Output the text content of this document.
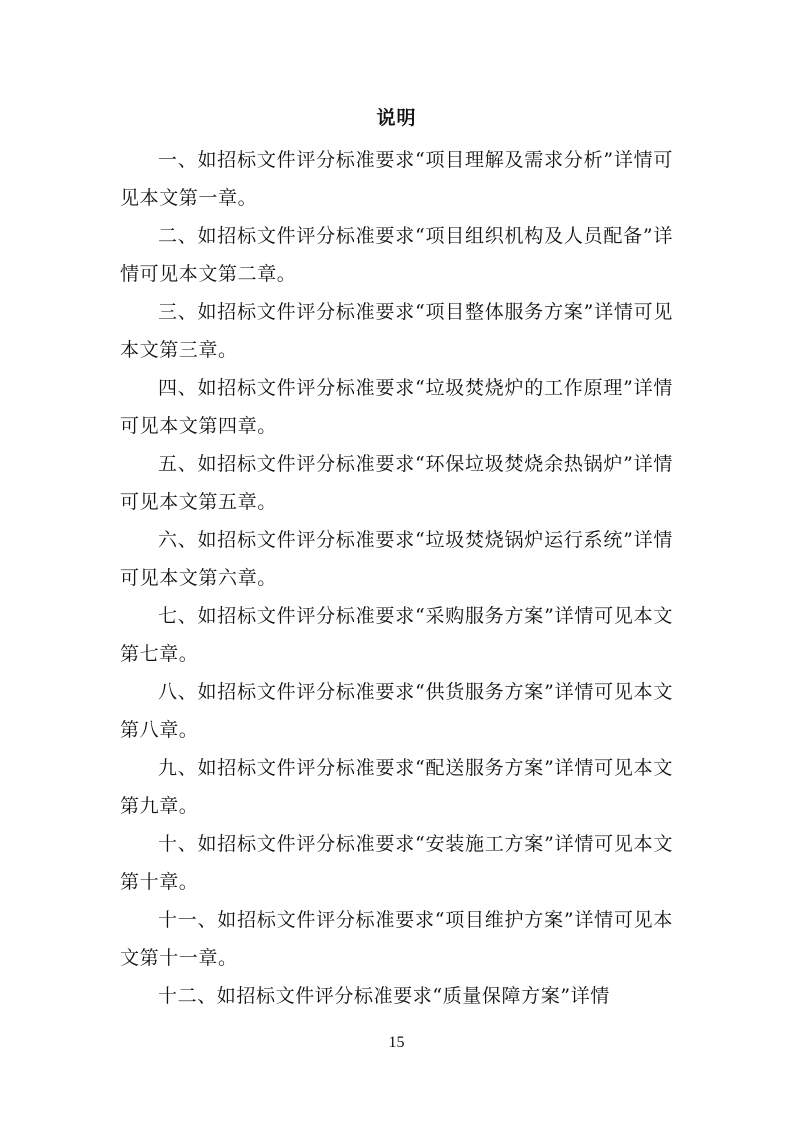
说明

一、如招标文件评分标准要求“项目理解及需求分析”详情可见本文第一章。

二、如招标文件评分标准要求“项目组织机构及人员配备”详情可见本文第二章。

三、如招标文件评分标准要求“项目整体服务方案”详情可见本文第三章。

四、如招标文件评分标准要求“垃圾焚烧炉的工作原理”详情可见本文第四章。

五、如招标文件评分标准要求“环保垃圾焚烧余热锅炉”详情可见本文第五章。

六、如招标文件评分标准要求“垃圾焚烧锅炉运行系统”详情可见本文第六章。

七、如招标文件评分标准要求“采购服务方案”详情可见本文第七章。

八、如招标文件评分标准要求“供货服务方案”详情可见本文第八章。

九、如招标文件评分标准要求“配送服务方案”详情可见本文第九章。

十、如招标文件评分标准要求“安装施工方案”详情可见本文第十章。

十一、如招标文件评分标准要求“项目维护方案”详情可见本文第十一章。

十二、如招标文件评分标准要求“质量保障方案”详情

15
